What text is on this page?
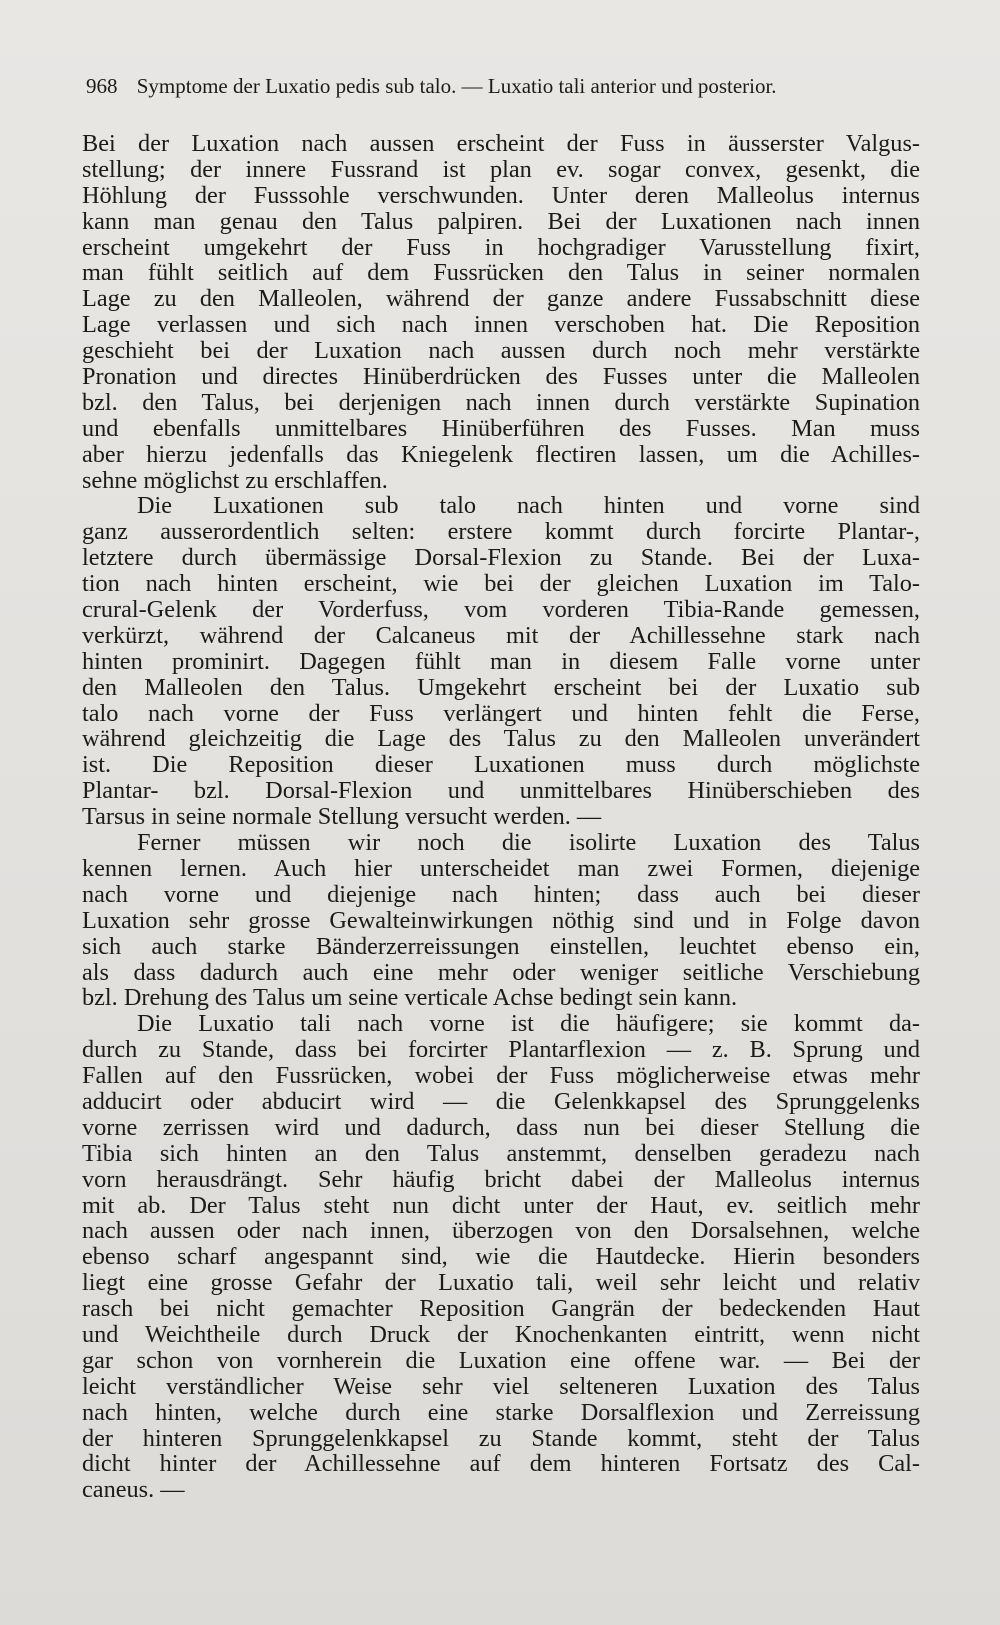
968 Symptome der Luxatio pedis sub talo. — Luxatio tali anterior und posterior.
Bei der Luxation nach aussen erscheint der Fuss in äusserster Valgus-
stellung; der innere Fussrand ist plan ev. sogar convex, gesenkt, die
Höhlung der Fusssohle verschwunden. Unter deren Malleolus internus
kann man genau den Talus palpiren. Bei der Luxationen nach innen
erscheint umgekehrt der Fuss in hochgradiger Varusstellung fixirt,
man fühlt seitlich auf dem Fussrücken den Talus in seiner normalen
Lage zu den Malleolen, während der ganze andere Fussabschnitt diese
Lage verlassen und sich nach innen verschoben hat. Die Reposition
geschieht bei der Luxation nach aussen durch noch mehr verstärkte
Pronation und directes Hinüberdrücken des Fusses unter die Malleolen
bzl. den Talus, bei derjenigen nach innen durch verstärkte Supination
und ebenfalls unmittelbares Hinüberführen des Fusses. Man muss
aber hierzu jedenfalls das Kniegelenk flectiren lassen, um die Achilles-
sehne möglichst zu erschlaffen.
Die Luxationen sub talo nach hinten und vorne sind
ganz ausserordentlich selten: erstere kommt durch forcirte Plantar-,
letztere durch übermässige Dorsal-Flexion zu Stande. Bei der Luxa-
tion nach hinten erscheint, wie bei der gleichen Luxation im Talo-
crural-Gelenk der Vorderfuss, vom vorderen Tibia-Rande gemessen,
verkürzt, während der Calcaneus mit der Achillessehne stark nach
hinten prominirt. Dagegen fühlt man in diesem Falle vorne unter
den Malleolen den Talus. Umgekehrt erscheint bei der Luxatio sub
talo nach vorne der Fuss verlängert und hinten fehlt die Ferse,
während gleichzeitig die Lage des Talus zu den Malleolen unverändert
ist. Die Reposition dieser Luxationen muss durch möglichste
Plantar- bzl. Dorsal-Flexion und unmittelbares Hinüberschieben des
Tarsus in seine normale Stellung versucht werden. —
Ferner müssen wir noch die isolirte Luxation des Talus
kennen lernen. Auch hier unterscheidet man zwei Formen, diejenige
nach vorne und diejenige nach hinten; dass auch bei dieser
Luxation sehr grosse Gewalteinwirkungen nöthig sind und in Folge davon
sich auch starke Bänderzerreissungen einstellen, leuchtet ebenso ein,
als dass dadurch auch eine mehr oder weniger seitliche Verschiebung
bzl. Drehung des Talus um seine verticale Achse bedingt sein kann.
Die Luxatio tali nach vorne ist die häufigere; sie kommt da-
durch zu Stande, dass bei forcirter Plantarflexion — z. B. Sprung und
Fallen auf den Fussrücken, wobei der Fuss möglicherweise etwas mehr
adducirt oder abducirt wird — die Gelenkkapsel des Sprunggelenks
vorne zerrissen wird und dadurch, dass nun bei dieser Stellung die
Tibia sich hinten an den Talus anstemmt, denselben geradezu nach
vorn herausdrängt. Sehr häufig bricht dabei der Malleolus internus
mit ab. Der Talus steht nun dicht unter der Haut, ev. seitlich mehr
nach aussen oder nach innen, überzogen von den Dorsalsehnen, welche
ebenso scharf angespannt sind, wie die Hautdecke. Hierin besonders
liegt eine grosse Gefahr der Luxatio tali, weil sehr leicht und relativ
rasch bei nicht gemachter Reposition Gangrän der bedeckenden Haut
und Weichtheile durch Druck der Knochenkanten eintritt, wenn nicht
gar schon von vornherein die Luxation eine offene war. — Bei der
leicht verständlicher Weise sehr viel selteneren Luxation des Talus
nach hinten, welche durch eine starke Dorsalflexion und Zerreissung
der hinteren Sprunggelenkkapsel zu Stande kommt, steht der Talus
dicht hinter der Achillessehne auf dem hinteren Fortsatz des Cal-
caneus. —
